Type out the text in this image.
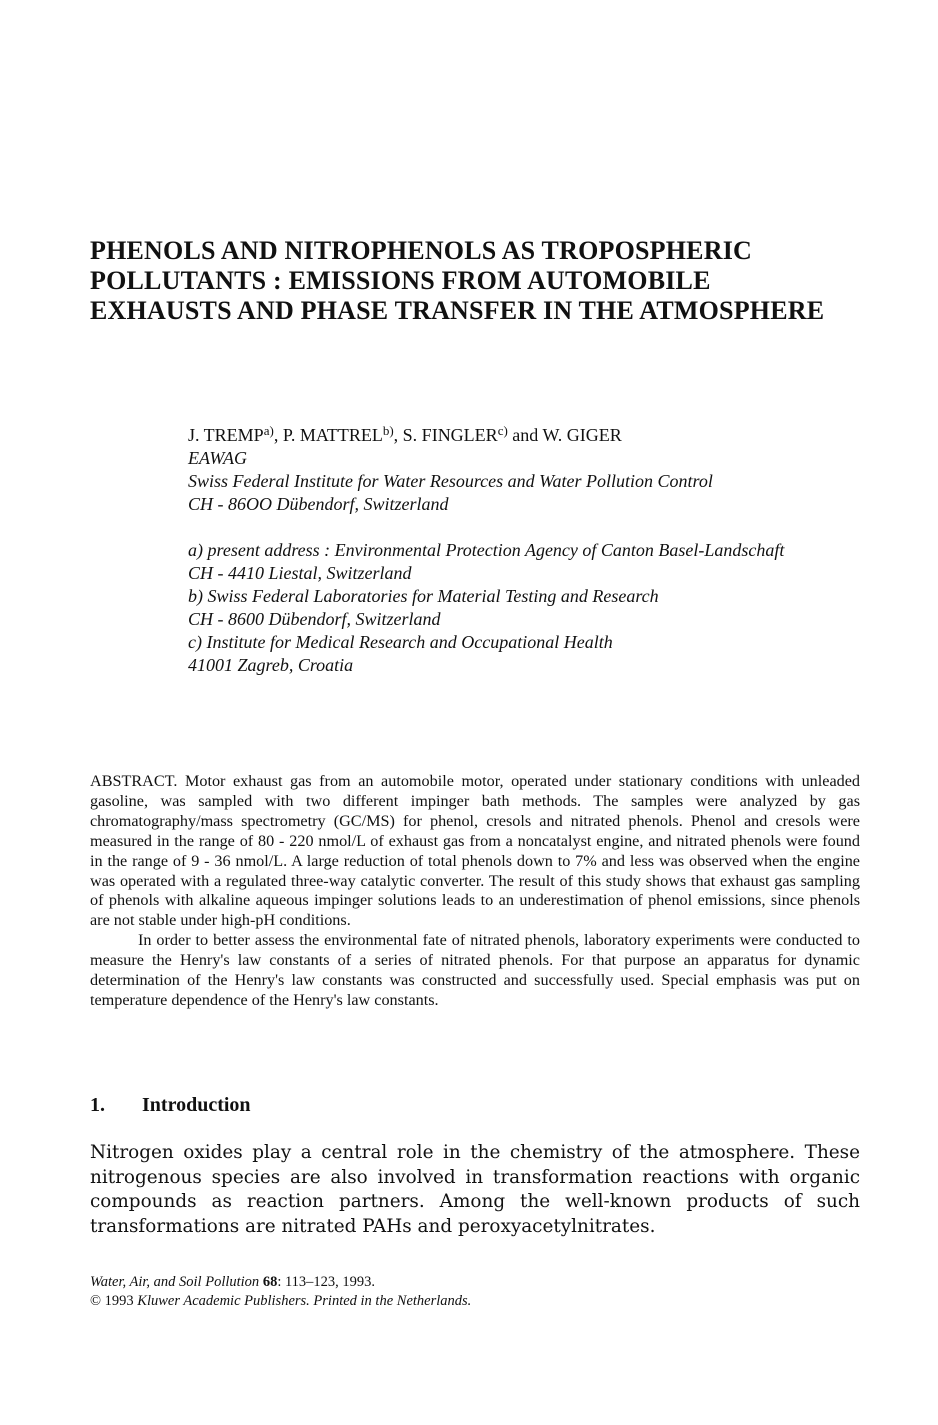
PHENOLS AND NITROPHENOLS AS TROPOSPHERIC
POLLUTANTS : EMISSIONS FROM AUTOMOBILE
EXHAUSTS AND PHASE TRANSFER IN THE ATMOSPHERE
J. TREMP$^{a)}$, P. MATTREL$^{b)}$, S. FINGLER$^{c)}$ and W. GIGER
EAWAG
Swiss Federal Institute for Water Resources and Water Pollution Control
CH - 86OO Dübendorf, Switzerland
a) present address : Environmental Protection Agency of Canton Basel-Landschaft
CH - 4410 Liestal, Switzerland
b) Swiss Federal Laboratories for Material Testing and Research
CH - 8600 Dübendorf, Switzerland
c) Institute for Medical Research and Occupational Health
41001 Zagreb, Croatia

ABSTRACT. Motor exhaust gas from an automobile motor, operated under stationary conditions with unleaded gasoline, was sampled with two different impinger bath methods. The samples were analyzed by gas chromatography/mass spectrometry (GC/MS) for phenol, cresols and nitrated phenols. Phenol and cresols were measured in the range of 80 - 220 nmol/L of exhaust gas from a noncatalyst engine, and nitrated phenols were found in the range of 9 - 36 nmol/L. A large reduction of total phenols down to 7% and less was observed when the engine was operated with a regulated three-way catalytic converter. The result of this study shows that exhaust gas sampling of phenols with alkaline aqueous impinger solutions leads to an underestimation of phenol emissions, since phenols are not stable under high-pH conditions.

In order to better assess the environmental fate of nitrated phenols, laboratory experiments were conducted to measure the Henry's law constants of a series of nitrated phenols. For that purpose an apparatus for dynamic determination of the Henry's law constants was constructed and successfully used. Special emphasis was put on temperature dependence of the Henry's law constants.

1. Introduction

Nitrogen oxides play a central role in the chemistry of the atmosphere. These nitrogenous species are also involved in transformation reactions with organic compounds as reaction partners. Among the well-known products of such transformations are nitrated PAHs and peroxyacetylnitrates.

Water, Air, and Soil Pollution 68: 113–123, 1993.
© 1993 Kluwer Academic Publishers. Printed in the Netherlands.
